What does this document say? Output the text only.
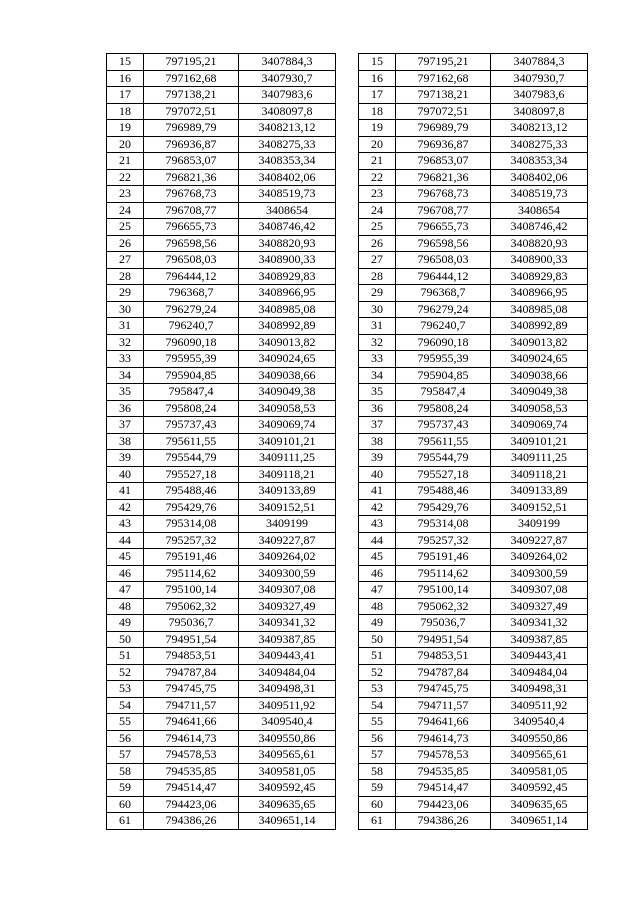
15	797195,21	3407884,3
16	797162,68	3407930,7
17	797138,21	3407983,6
18	797072,51	3408097,8
19	796989,79	3408213,12
20	796936,87	3408275,33
21	796853,07	3408353,34
22	796821,36	3408402,06
23	796768,73	3408519,73
24	796708,77	3408654
25	796655,73	3408746,42
26	796598,56	3408820,93
27	796508,03	3408900,33
28	796444,12	3408929,83
29	796368,7	3408966,95
30	796279,24	3408985,08
31	796240,7	3408992,89
32	796090,18	3409013,82
33	795955,39	3409024,65
34	795904,85	3409038,66
35	795847,4	3409049,38
36	795808,24	3409058,53
37	795737,43	3409069,74
38	795611,55	3409101,21
39	795544,79	3409111,25
40	795527,18	3409118,21
41	795488,46	3409133,89
42	795429,76	3409152,51
43	795314,08	3409199
44	795257,32	3409227,87
45	795191,46	3409264,02
46	795114,62	3409300,59
47	795100,14	3409307,08
48	795062,32	3409327,49
49	795036,7	3409341,32
50	794951,54	3409387,85
51	794853,51	3409443,41
52	794787,84	3409484,04
53	794745,75	3409498,31
54	794711,57	3409511,92
55	794641,66	3409540,4
56	794614,73	3409550,86
57	794578,53	3409565,61
58	794535,85	3409581,05
59	794514,47	3409592,45
60	794423,06	3409635,65
61	794386,26	3409651,14
15	797195,21	3407884,3
16	797162,68	3407930,7
17	797138,21	3407983,6
18	797072,51	3408097,8
19	796989,79	3408213,12
20	796936,87	3408275,33
21	796853,07	3408353,34
22	796821,36	3408402,06
23	796768,73	3408519,73
24	796708,77	3408654
25	796655,73	3408746,42
26	796598,56	3408820,93
27	796508,03	3408900,33
28	796444,12	3408929,83
29	796368,7	3408966,95
30	796279,24	3408985,08
31	796240,7	3408992,89
32	796090,18	3409013,82
33	795955,39	3409024,65
34	795904,85	3409038,66
35	795847,4	3409049,38
36	795808,24	3409058,53
37	795737,43	3409069,74
38	795611,55	3409101,21
39	795544,79	3409111,25
40	795527,18	3409118,21
41	795488,46	3409133,89
42	795429,76	3409152,51
43	795314,08	3409199
44	795257,32	3409227,87
45	795191,46	3409264,02
46	795114,62	3409300,59
47	795100,14	3409307,08
48	795062,32	3409327,49
49	795036,7	3409341,32
50	794951,54	3409387,85
51	794853,51	3409443,41
52	794787,84	3409484,04
53	794745,75	3409498,31
54	794711,57	3409511,92
55	794641,66	3409540,4
56	794614,73	3409550,86
57	794578,53	3409565,61
58	794535,85	3409581,05
59	794514,47	3409592,45
60	794423,06	3409635,65
61	794386,26	3409651,14
